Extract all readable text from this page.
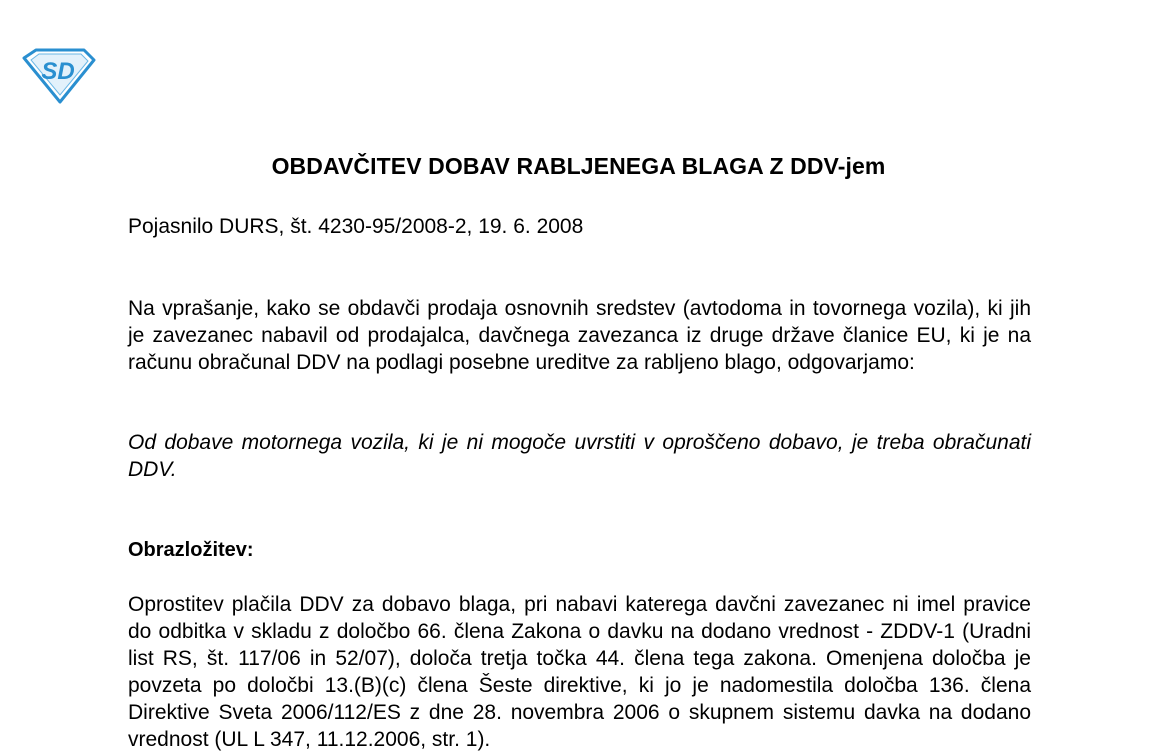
SD
OBDAVČITEV DOBAV RABLJENEGA BLAGA Z DDV-jem

Pojasnilo DURS, št. 4230-95/2008-2, 19. 6. 2008

Na vprašanje, kako se obdavči prodaja osnovnih sredstev (avtodoma in tovornega vozila), ki jih je zavezanec nabavil od prodajalca, davčnega zavezanca iz druge države članice EU, ki je na računu obračunal DDV na podlagi posebne ureditve za rabljeno blago, odgovarjamo:

Od dobave motornega vozila, ki je ni mogoče uvrstiti v oproščeno dobavo, je treba obračunati DDV.

Obrazložitev:

Oprostitev plačila DDV za dobavo blaga, pri nabavi katerega davčni zavezanec ni imel pravice do odbitka v skladu z določbo 66. člena Zakona o davku na dodano vrednost - ZDDV-1 (Uradni list RS, št. 117/06 in 52/07), določa tretja točka 44. člena tega zakona. Omenjena določba je povzeta po določbi 13.(B)(c) člena Šeste direktive, ki jo je nadomestila določba 136. člena Direktive Sveta 2006/112/ES z dne 28. novembra 2006 o skupnem sistemu davka na dodano vrednost (UL L 347, 11.12.2006, str. 1).
